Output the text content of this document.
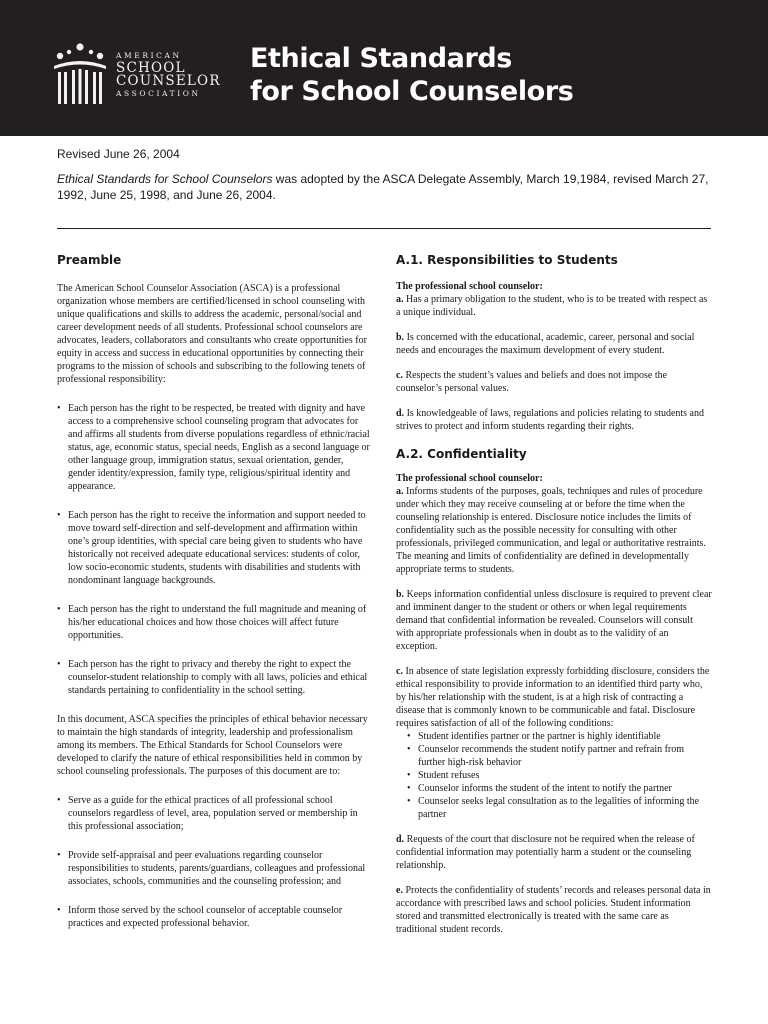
AMERICAN
SCHOOL
COUNSELOR
ASSOCIATION
Ethical Standards
for School Counselors
Revised June 26, 2004
Ethical Standards for School Counselors was adopted by the ASCA Delegate Assembly, March 19,1984, revised March 27, 1992, June 25, 1998, and June 26, 2004.
Preamble

The American School Counselor Association (ASCA) is a professional organization whose members are certified/licensed in school counseling with unique qualifications and skills to address the academic, personal/social and career development needs of all students. Professional school counselors are advocates, leaders, collaborators and consultants who create opportunities for equity in access and success in educational opportunities by connecting their programs to the mission of schools and subscribing to the following tenets of professional responsibility:

• Each person has the right to be respected, be treated with dignity and have access to a comprehensive school counseling program that advocates for and affirms all students from diverse populations regardless of ethnic/racial status, age, economic status, special needs, English as a second language or other language group, immigration status, sexual orientation, gender, gender identity/expression, family type, religious/spiritual identity and appearance.

• Each person has the right to receive the information and support needed to move toward self-direction and self-development and affirmation within one’s group identities, with special care being given to students who have historically not received adequate educational services: students of color, low socio-economic students, students with disabilities and students with nondominant language backgrounds.

• Each person has the right to understand the full magnitude and meaning of his/her educational choices and how those choices will affect future opportunities.

• Each person has the right to privacy and thereby the right to expect the counselor-student relationship to comply with all laws, policies and ethical standards pertaining to confidentiality in the school setting.

In this document, ASCA specifies the principles of ethical behavior necessary to maintain the high standards of integrity, leadership and professionalism among its members. The Ethical Standards for School Counselors were developed to clarify the nature of ethical responsibilities held in common by school counseling professionals. The purposes of this document are to:

• Serve as a guide for the ethical practices of all professional school counselors regardless of level, area, population served or membership in this professional association;

• Provide self-appraisal and peer evaluations regarding counselor responsibilities to students, parents/guardians, colleagues and professional associates, schools, communities and the counseling profession; and

• Inform those served by the school counselor of acceptable counselor practices and expected professional behavior.

A.1. Responsibilities to Students

The professional school counselor:

a. Has a primary obligation to the student, who is to be treated with respect as a unique individual.

b. Is concerned with the educational, academic, career, personal and social needs and encourages the maximum development of every student.

c. Respects the student’s values and beliefs and does not impose the counselor’s personal values.

d. Is knowledgeable of laws, regulations and policies relating to students and strives to protect and inform students regarding their rights.

A.2. Confidentiality

The professional school counselor:

a. Informs students of the purposes, goals, techniques and rules of procedure under which they may receive counseling at or before the time when the counseling relationship is entered. Disclosure notice includes the limits of confidentiality such as the possible necessity for consulting with other professionals, privileged communication, and legal or authoritative restraints. The meaning and limits of confidentiality are defined in developmentally appropriate terms to students.

b. Keeps information confidential unless disclosure is required to prevent clear and imminent danger to the student or others or when legal requirements demand that confidential information be revealed. Counselors will consult with appropriate professionals when in doubt as to the validity of an exception.

c. In absence of state legislation expressly forbidding disclosure, considers the ethical responsibility to provide information to an identified third party who, by his/her relationship with the student, is at a high risk of contracting a disease that is commonly known to be communicable and fatal. Disclosure requires satisfaction of all of the following conditions:

• Student identifies partner or the partner is highly identifiable

• Counselor recommends the student notify partner and refrain from further high-risk behavior

• Student refuses

• Counselor informs the student of the intent to notify the partner

• Counselor seeks legal consultation as to the legalities of informing the partner

d. Requests of the court that disclosure not be required when the release of confidential information may potentially harm a student or the counseling relationship.

e. Protects the confidentiality of students’ records and releases personal data in accordance with prescribed laws and school policies. Student information stored and transmitted electronically is treated with the same care as traditional student records.
